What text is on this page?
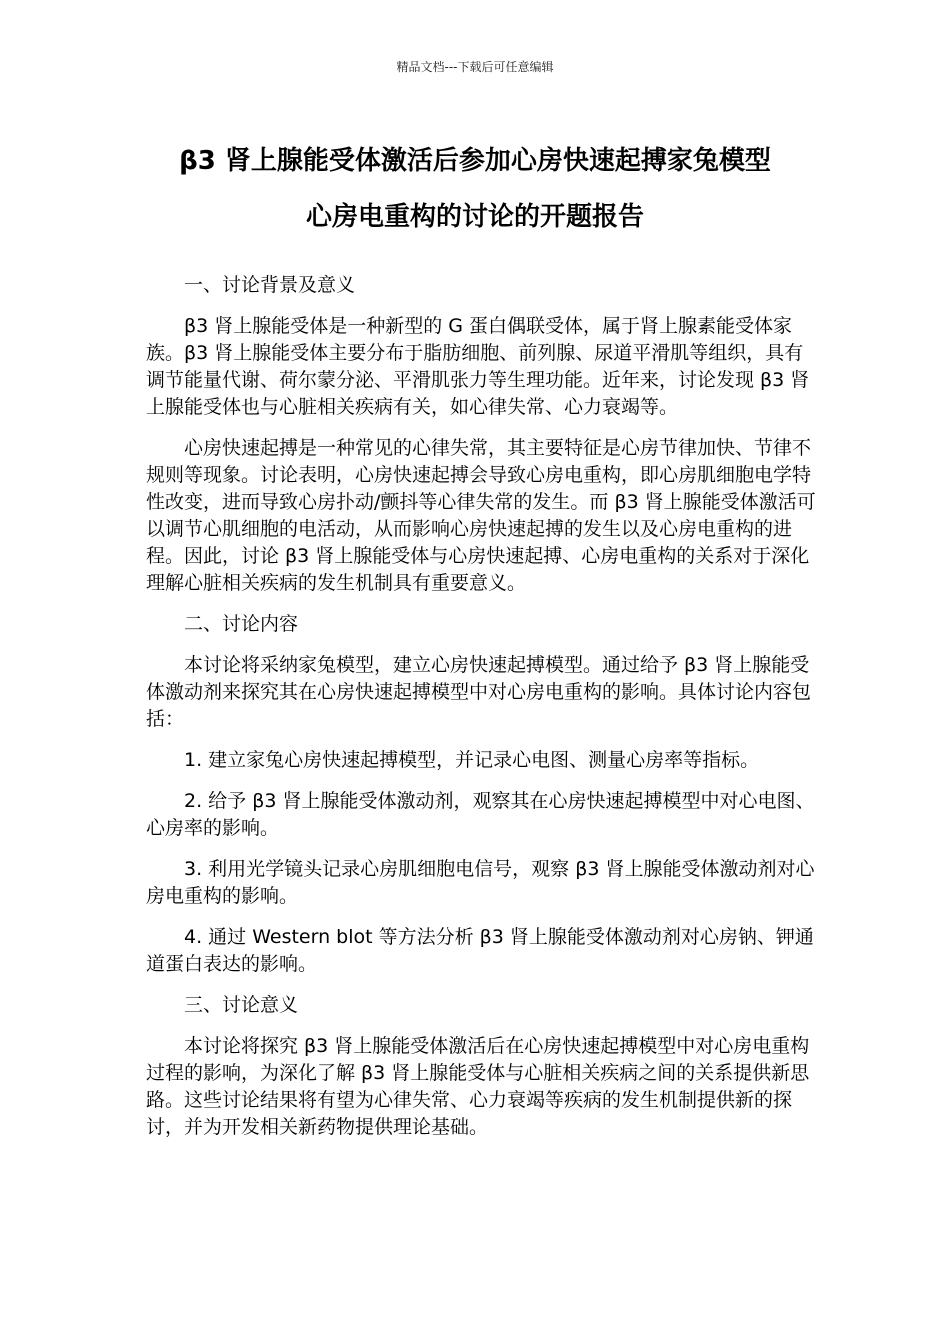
精品文档---下载后可任意编辑
β3 肾上腺能受体激活后参加心房快速起搏家兔模型
心房电重构的讨论的开题报告

一、讨论背景及意义

β3 肾上腺能受体是一种新型的 G 蛋白偶联受体，属于肾上腺素能受体家族。β3 肾上腺能受体主要分布于脂肪细胞、前列腺、尿道平滑肌等组织，具有调节能量代谢、荷尔蒙分泌、平滑肌张力等生理功能。近年来，讨论发现 β3 肾上腺能受体也与心脏相关疾病有关，如心律失常、心力衰竭等。

心房快速起搏是一种常见的心律失常，其主要特征是心房节律加快、节律不规则等现象。讨论表明，心房快速起搏会导致心房电重构，即心房肌细胞电学特性改变，进而导致心房扑动/颤抖等心律失常的发生。而 β3 肾上腺能受体激活可以调节心肌细胞的电活动，从而影响心房快速起搏的发生以及心房电重构的进程。因此，讨论 β3 肾上腺能受体与心房快速起搏、心房电重构的关系对于深化理解心脏相关疾病的发生机制具有重要意义。

二、讨论内容

本讨论将采纳家兔模型，建立心房快速起搏模型。通过给予 β3 肾上腺能受体激动剂来探究其在心房快速起搏模型中对心房电重构的影响。具体讨论内容包括：

1. 建立家兔心房快速起搏模型，并记录心电图、测量心房率等指标。

2. 给予 β3 肾上腺能受体激动剂，观察其在心房快速起搏模型中对心电图、心房率的影响。

3. 利用光学镜头记录心房肌细胞电信号，观察 β3 肾上腺能受体激动剂对心房电重构的影响。

4. 通过 Western blot 等方法分析 β3 肾上腺能受体激动剂对心房钠、钾通道蛋白表达的影响。

三、讨论意义

本讨论将探究 β3 肾上腺能受体激活后在心房快速起搏模型中对心房电重构过程的影响，为深化了解 β3 肾上腺能受体与心脏相关疾病之间的关系提供新思路。这些讨论结果将有望为心律失常、心力衰竭等疾病的发生机制提供新的探讨，并为开发相关新药物提供理论基础。
